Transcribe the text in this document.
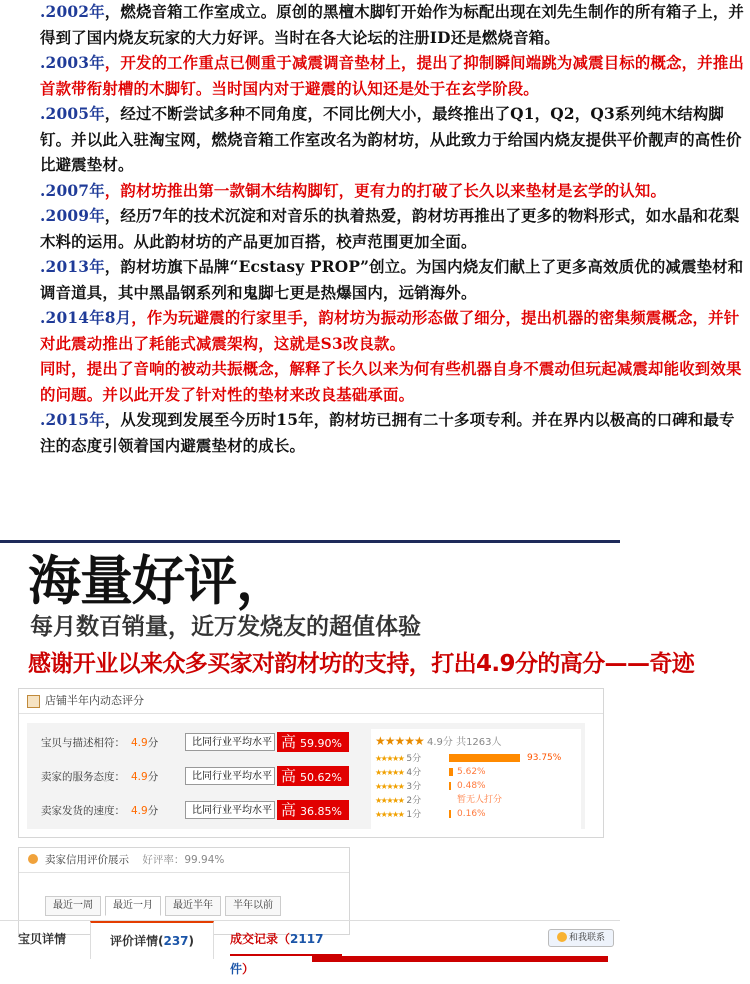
.2002年，燃烧音箱工作室成立。原创的黑檀木脚钉开始作为标配出现在刘先生制作的所有箱子上，并得到了国内烧友玩家的大力好评。当时在各大论坛的注册ID还是燃烧音箱。

.2003年，开发的工作重点已侧重于减震调音垫材上，提出了抑制瞬间端跳为减震目标的概念，并推出首款带衔射槽的木脚钉。当时国内对于避震的认知还是处于在玄学阶段。

.2005年，经过不断尝试多种不同角度，不同比例大小，最终推出了Q1，Q2，Q3系列纯木结构脚钉。并以此入驻淘宝网，燃烧音箱工作室改名为韵材坊，从此致力于给国内烧友提供平价靓声的高性价比避震垫材。

.2007年，韵材坊推出第一款铜木结构脚钉，更有力的打破了长久以来垫材是玄学的认知。

.2009年，经历7年的技术沉淀和对音乐的执着热爱，韵材坊再推出了更多的物料形式，如水晶和花梨木料的运用。从此韵材坊的产品更加百搭，校声范围更加全面。

.2013年，韵材坊旗下品牌“Ecstasy PROP”创立。为国内烧友们献上了更多高效质优的减震垫材和调音道具，其中黑晶钢系列和鬼脚七更是热爆国内，远销海外。

.2014年8月，作为玩避震的行家里手，韵材坊为振动形态做了细分，提出机器的密集频震概念，并针对此震动推出了耗能式减震架构，这就是S3改良款。

同时，提出了音响的被动共振概念，解释了长久以来为何有些机器自身不震动但玩起减震却能收到效果的问题。并以此开发了针对性的垫材来改良基础承面。

.2015年，从发现到发展至今历时15年，韵材坊已拥有二十多项专利。并在界内以极高的口碑和最专注的态度引领着国内避震垫材的成长。

海量好评，
每月数百销量，近万发烧友的超值体验
感谢开业以来众多买家对韵材坊的支持，打出4.9分的高分——奇迹
店铺半年内动态评分
宝贝与描述相符： 4.9分	比同行业平均水平 高 59.90%
卖家的服务态度： 4.9分	比同行业平均水平 高 50.62%
卖家发货的速度： 4.9分	比同行业平均水平 高 36.85%
★★★★★ 4.9分 共1263人
★★★★★ 5分	93.75%
★★★★★ 4分	5.62%
★★★★★ 3分	0.48%
★★★★★ 2分	暂无人打分
★★★★★ 1分	0.16%
卖家信用评价展示 好评率：99.94%
最近一周	最近一月	最近半年	半年以前
宝贝详情	评价详情(237)	成交记录（2117件）
和我联系
